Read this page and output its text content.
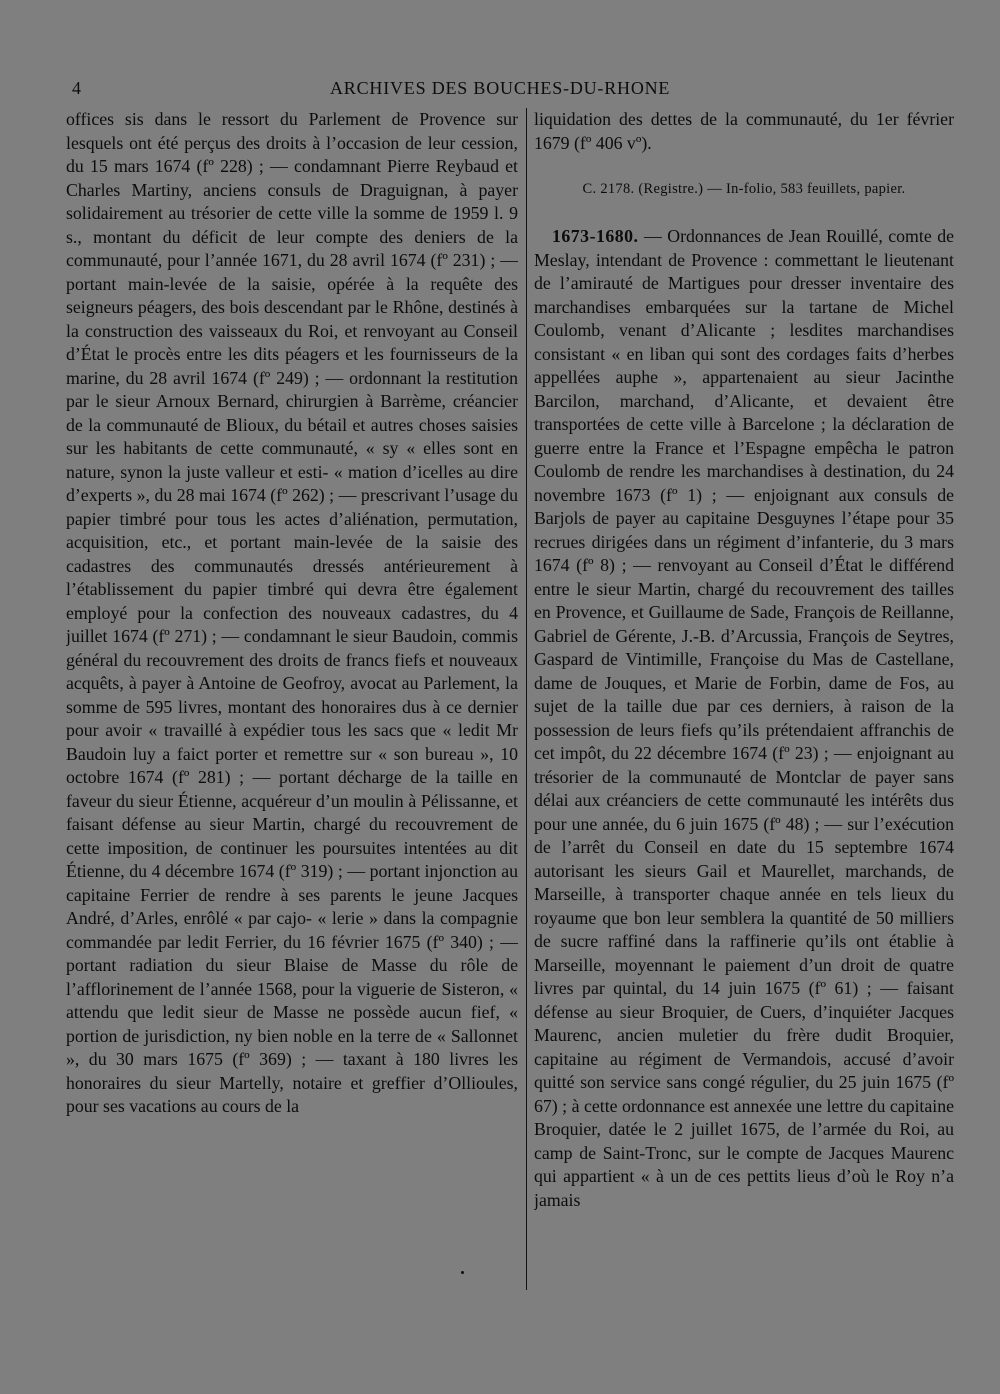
4	ARCHIVES DES BOUCHES-DU-RHONE

offices sis dans le ressort du Parlement de Provence sur lesquels ont été perçus des droits à l’occasion de leur cession, du 15 mars 1674 (fº 228) ; — condamnant Pierre Reybaud et Charles Martiny, anciens consuls de Draguignan, à payer solidairement au trésorier de cette ville la somme de 1959 l. 9 s., montant du déficit de leur compte des deniers de la communauté, pour l’année 1671, du 28 avril 1674 (fº 231) ; — portant main-levée de la saisie, opérée à la requête des seigneurs péagers, des bois descendant par le Rhône, destinés à la construction des vaisseaux du Roi, et renvoyant au Conseil d’État le procès entre les dits péagers et les fournisseurs de la marine, du 28 avril 1674 (fº 249) ; — ordonnant la restitution par le sieur Arnoux Bernard, chirurgien à Barrème, créancier de la communauté de Blioux, du bétail et autres choses saisies sur les habitants de cette communauté, « sy « elles sont en nature, synon la juste valleur et esti- « mation d’icelles au dire d’experts », du 28 mai 1674 (fº 262) ; — prescrivant l’usage du papier timbré pour tous les actes d’aliénation, permutation, acquisition, etc., et portant main-levée de la saisie des cadastres des communautés dressés antérieurement à l’établissement du papier timbré qui devra être également employé pour la confection des nouveaux cadastres, du 4 juillet 1674 (fº 271) ; — condamnant le sieur Baudoin, commis général du recouvrement des droits de francs fiefs et nouveaux acquêts, à payer à Antoine de Geofroy, avocat au Parlement, la somme de 595 livres, montant des honoraires dus à ce dernier pour avoir « travaillé à expédier tous les sacs que « ledit Mr Baudoin luy a faict porter et remettre sur « son bureau », 10 octobre 1674 (fº 281) ; — portant décharge de la taille en faveur du sieur Étienne, acquéreur d’un moulin à Pélissanne, et faisant défense au sieur Martin, chargé du recouvrement de cette imposition, de continuer les poursuites intentées au dit Étienne, du 4 décembre 1674 (fº 319) ; — portant injonction au capitaine Ferrier de rendre à ses parents le jeune Jacques André, d’Arles, enrôlé « par cajo- « lerie » dans la compagnie commandée par ledit Ferrier, du 16 février 1675 (fº 340) ; — portant radiation du sieur Blaise de Masse du rôle de l’afflorinement de l’année 1568, pour la viguerie de Sisteron, « attendu que ledit sieur de Masse ne possède aucun fief, « portion de jurisdiction, ny bien noble en la terre de « Sallonnet », du 30 mars 1675 (fº 369) ; — taxant à 180 livres les honoraires du sieur Martelly, notaire et greffier d’Ollioules, pour ses vacations au cours de la

liquidation des dettes de la communauté, du 1er février 1679 (fº 406 vº).

C. 2178. (Registre.) — In-folio, 583 feuillets, papier.

1673-1680. — Ordonnances de Jean Rouillé, comte de Meslay, intendant de Provence : commettant le lieutenant de l’amirauté de Martigues pour dresser inventaire des marchandises embarquées sur la tartane de Michel Coulomb, venant d’Alicante ; lesdites marchandises consistant « en liban qui sont des cordages faits d’herbes appellées auphe », appartenaient au sieur Jacinthe Barcilon, marchand, d’Alicante, et devaient être transportées de cette ville à Barcelone ; la déclaration de guerre entre la France et l’Espagne empêcha le patron Coulomb de rendre les marchandises à destination, du 24 novembre 1673 (fº 1) ; — enjoignant aux consuls de Barjols de payer au capitaine Desguynes l’étape pour 35 recrues dirigées dans un régiment d’infanterie, du 3 mars 1674 (fº 8) ; — renvoyant au Conseil d’État le différend entre le sieur Martin, chargé du recouvrement des tailles en Provence, et Guillaume de Sade, François de Reillanne, Gabriel de Gérente, J.-B. d’Arcussia, François de Seytres, Gaspard de Vintimille, Françoise du Mas de Castellane, dame de Jouques, et Marie de Forbin, dame de Fos, au sujet de la taille due par ces derniers, à raison de la possession de leurs fiefs qu’ils prétendaient affranchis de cet impôt, du 22 décembre 1674 (fº 23) ; — enjoignant au trésorier de la communauté de Montclar de payer sans délai aux créanciers de cette communauté les intérêts dus pour une année, du 6 juin 1675 (fº 48) ; — sur l’exécution de l’arrêt du Conseil en date du 15 septembre 1674 autorisant les sieurs Gail et Maurellet, marchands, de Marseille, à transporter chaque année en tels lieux du royaume que bon leur semblera la quantité de 50 milliers de sucre raffiné dans la raffinerie qu’ils ont établie à Marseille, moyennant le paiement d’un droit de quatre livres par quintal, du 14 juin 1675 (fº 61) ; — faisant défense au sieur Broquier, de Cuers, d’inquiéter Jacques Maurenc, ancien muletier du frère dudit Broquier, capitaine au régiment de Vermandois, accusé d’avoir quitté son service sans congé régulier, du 25 juin 1675 (fº 67) ; à cette ordonnance est annexée une lettre du capitaine Broquier, datée le 2 juillet 1675, de l’armée du Roi, au camp de Saint-Tronc, sur le compte de Jacques Maurenc qui appartient « à un de ces pettits lieus d’où le Roy n’a jamais
